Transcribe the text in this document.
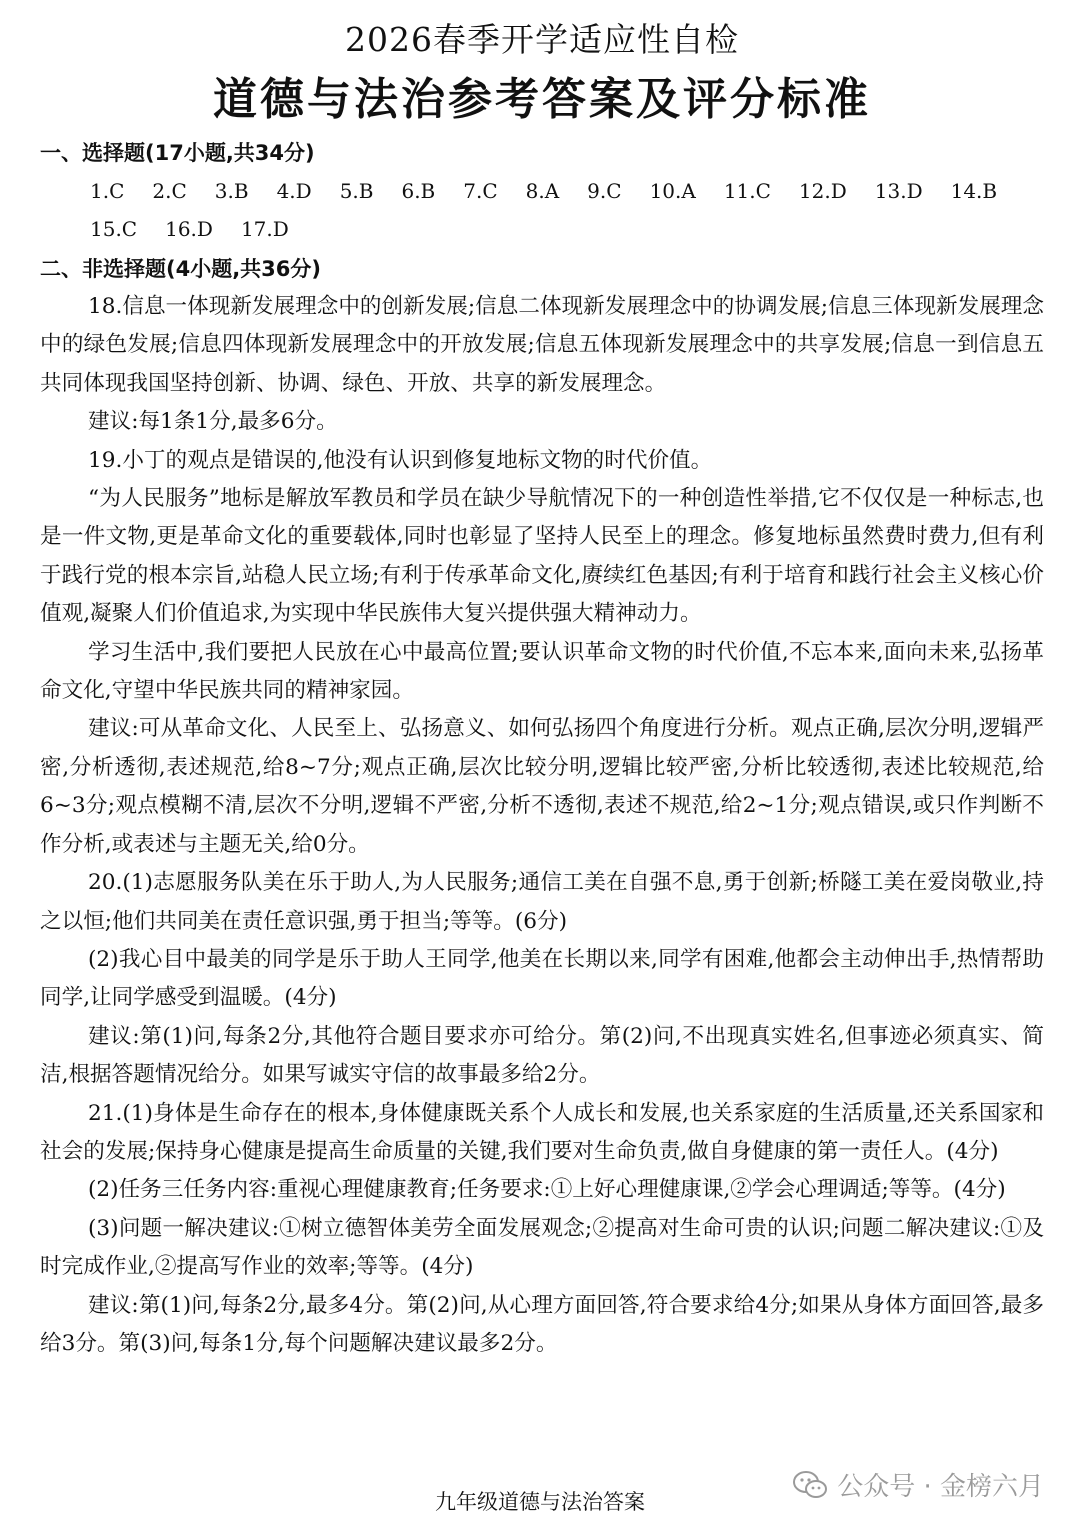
2026春季开学适应性自检
道德与法治参考答案及评分标准
一、选择题(17小题,共34分)
1.C 2.C 3.B 4.D 5.B 6.B 7.C 8.A 9.C 10.A 11.C 12.D 13.D 14.B
15.C 16.D 17.D
二、非选择题(4小题,共36分)

18.信息一体现新发展理念中的创新发展;信息二体现新发展理念中的协调发展;信息三体现新发展理念中的绿色发展;信息四体现新发展理念中的开放发展;信息五体现新发展理念中的共享发展;信息一到信息五共同体现我国坚持创新、协调、绿色、开放、共享的新发展理念。

建议:每1条1分,最多6分。

19.小丁的观点是错误的,他没有认识到修复地标文物的时代价值。

“为人民服务”地标是解放军教员和学员在缺少导航情况下的一种创造性举措,它不仅仅是一种标志,也是一件文物,更是革命文化的重要载体,同时也彰显了坚持人民至上的理念。修复地标虽然费时费力,但有利于践行党的根本宗旨,站稳人民立场;有利于传承革命文化,赓续红色基因;有利于培育和践行社会主义核心价值观,凝聚人们价值追求,为实现中华民族伟大复兴提供强大精神动力。

学习生活中,我们要把人民放在心中最高位置;要认识革命文物的时代价值,不忘本来,面向未来,弘扬革命文化,守望中华民族共同的精神家园。

建议:可从革命文化、人民至上、弘扬意义、如何弘扬四个角度进行分析。观点正确,层次分明,逻辑严密,分析透彻,表述规范,给8~7分;观点正确,层次比较分明,逻辑比较严密,分析比较透彻,表述比较规范,给6~3分;观点模糊不清,层次不分明,逻辑不严密,分析不透彻,表述不规范,给2~1分;观点错误,或只作判断不作分析,或表述与主题无关,给0分。

20.(1)志愿服务队美在乐于助人,为人民服务;通信工美在自强不息,勇于创新;桥隧工美在爱岗敬业,持之以恒;他们共同美在责任意识强,勇于担当;等等。(6分)

(2)我心目中最美的同学是乐于助人王同学,他美在长期以来,同学有困难,他都会主动伸出手,热情帮助同学,让同学感受到温暖。(4分)

建议:第(1)问,每条2分,其他符合题目要求亦可给分。第(2)问,不出现真实姓名,但事迹必须真实、简洁,根据答题情况给分。如果写诚实守信的故事最多给2分。

21.(1)身体是生命存在的根本,身体健康既关系个人成长和发展,也关系家庭的生活质量,还关系国家和社会的发展;保持身心健康是提高生命质量的关键,我们要对生命负责,做自身健康的第一责任人。(4分)

(2)任务三任务内容:重视心理健康教育;任务要求:①上好心理健康课,②学会心理调适;等等。(4分)

(3)问题一解决建议:①树立德智体美劳全面发展观念;②提高对生命可贵的认识;问题二解决建议:①及时完成作业,②提高写作业的效率;等等。(4分)

建议:第(1)问,每条2分,最多4分。第(2)问,从心理方面回答,符合要求给4分;如果从身体方面回答,最多给3分。第(3)问,每条1分,每个问题解决建议最多2分。

公众号 · 金榜六月
九年级道德与法治答案
